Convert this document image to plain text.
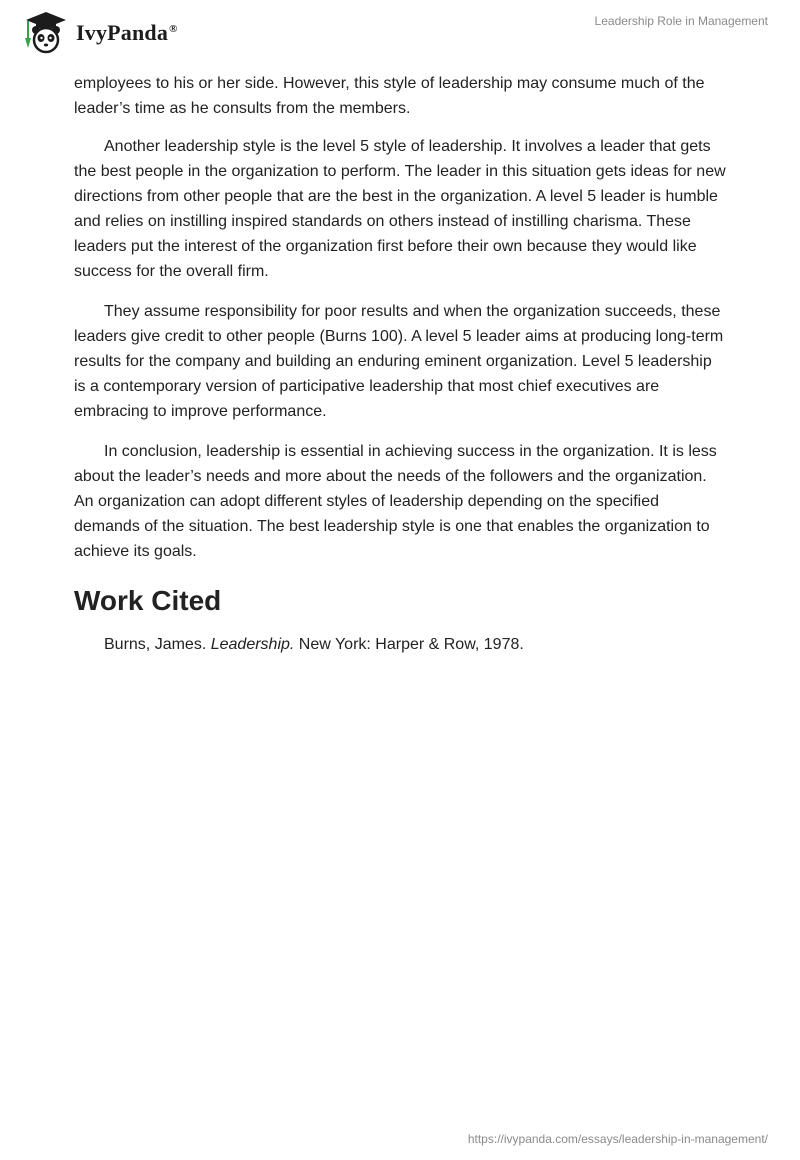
IvyPanda®
Leadership Role in Management

employees to his or her side. However, this style of leadership may consume much of the leader’s time as he consults from the members.

Another leadership style is the level 5 style of leadership. It involves a leader that gets the best people in the organization to perform. The leader in this situation gets ideas for new directions from other people that are the best in the organization. A level 5 leader is humble and relies on instilling inspired standards on others instead of instilling charisma. These leaders put the interest of the organization first before their own because they would like success for the overall firm.

They assume responsibility for poor results and when the organization succeeds, these leaders give credit to other people (Burns 100). A level 5 leader aims at producing long-term results for the company and building an enduring eminent organization. Level 5 leadership is a contemporary version of participative leadership that most chief executives are embracing to improve performance.

In conclusion, leadership is essential in achieving success in the organization. It is less about the leader’s needs and more about the needs of the followers and the organization. An organization can adopt different styles of leadership depending on the specified demands of the situation. The best leadership style is one that enables the organization to achieve its goals.

Work Cited

Burns, James. Leadership. New York: Harper & Row, 1978.

https://ivypanda.com/essays/leadership-in-management/
